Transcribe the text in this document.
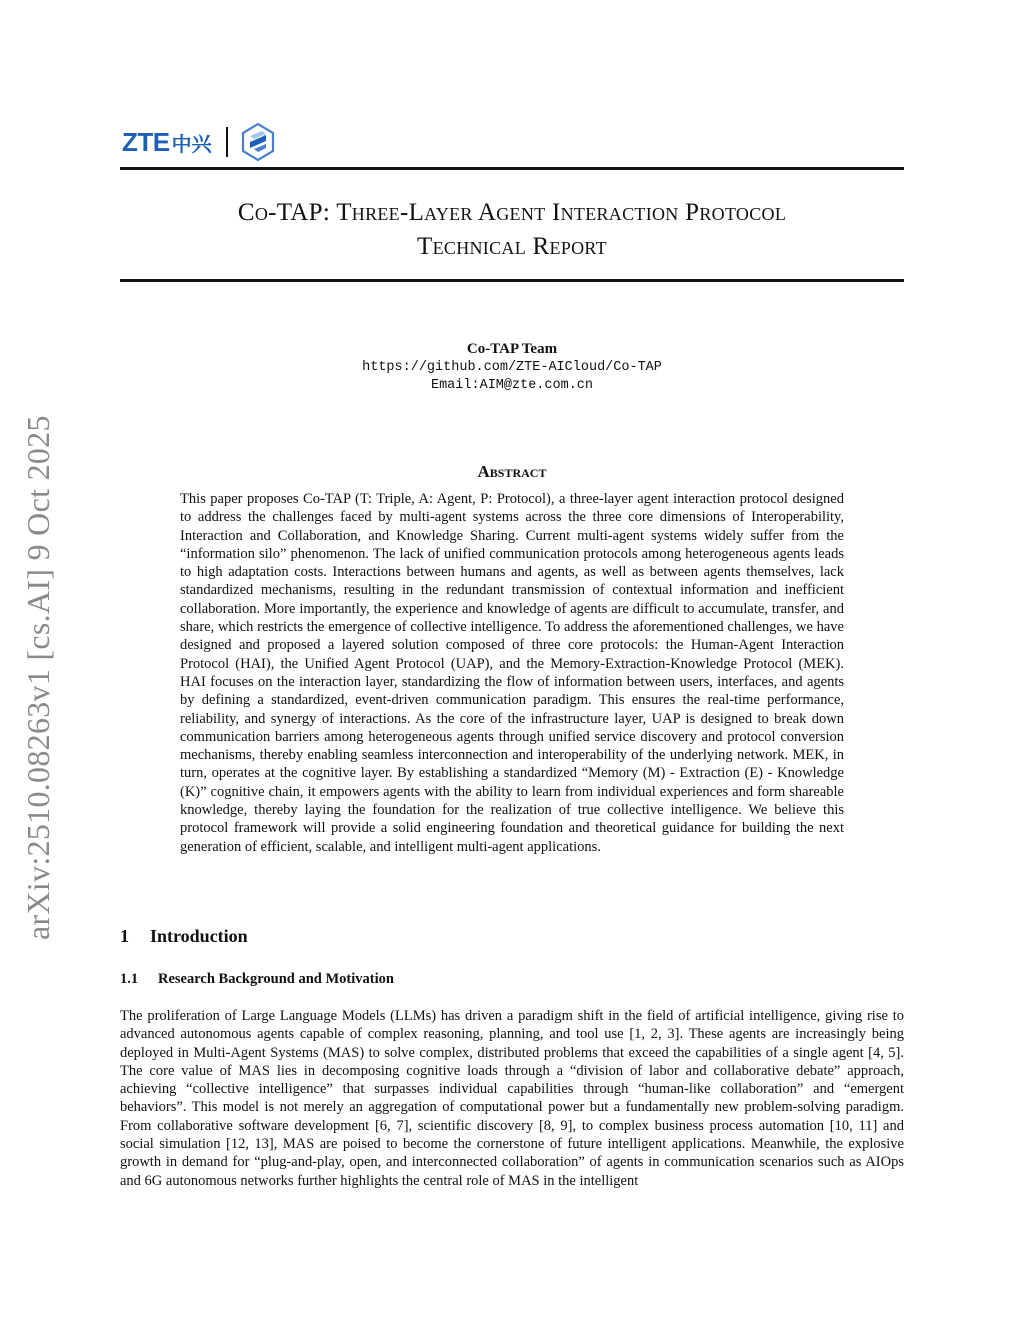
ZTE 中兴
Co-TAP: Three-Layer Agent Interaction Protocol
Technical Report
Co-TAP Team
https://github.com/ZTE-AICloud/Co-TAP
Email:AIM@zte.com.cn
arXiv:2510.08263v1 [cs.AI] 9 Oct 2025	Abstract

This paper proposes Co-TAP (T: Triple, A: Agent, P: Protocol), a three-layer agent interaction protocol designed to address the challenges faced by multi-agent systems across the three core dimensions of Interoperability, Interaction and Collaboration, and Knowledge Sharing. Current multi-agent systems widely suffer from the “information silo” phenomenon. The lack of unified communication protocols among heterogeneous agents leads to high adaptation costs. Interactions between humans and agents, as well as between agents themselves, lack standardized mechanisms, resulting in the redundant transmission of contextual information and inefficient collaboration. More importantly, the experience and knowledge of agents are difficult to accumulate, transfer, and share, which restricts the emergence of collective intelligence. To address the aforementioned challenges, we have designed and proposed a layered solution composed of three core protocols: the Human-Agent Interaction Protocol (HAI), the Unified Agent Protocol (UAP), and the Memory-Extraction-Knowledge Protocol (MEK). HAI focuses on the interaction layer, standardizing the flow of information between users, interfaces, and agents by defining a standardized, event-driven communication paradigm. This ensures the real-time performance, reliability, and synergy of interactions. As the core of the infrastructure layer, UAP is designed to break down communication barriers among heterogeneous agents through unified service discovery and protocol conversion mechanisms, thereby enabling seamless interconnection and interoperability of the underlying network. MEK, in turn, operates at the cognitive layer. By establishing a standardized “Memory (M) - Extraction (E) - Knowledge (K)” cognitive chain, it empowers agents with the ability to learn from individual experiences and form shareable knowledge, thereby laying the foundation for the realization of true collective intelligence. We believe this protocol framework will provide a solid engineering foundation and theoretical guidance for building the next generation of efficient, scalable, and intelligent multi-agent applications.

1 Introduction
1.1 Research Background and Motivation

The proliferation of Large Language Models (LLMs) has driven a paradigm shift in the field of artificial intelligence, giving rise to advanced autonomous agents capable of complex reasoning, planning, and tool use [1, 2, 3]. These agents are increasingly being deployed in Multi-Agent Systems (MAS) to solve complex, distributed problems that exceed the capabilities of a single agent [4, 5]. The core value of MAS lies in decomposing cognitive loads through a “division of labor and collaborative debate” approach, achieving “collective intelligence” that surpasses individual capabilities through “human-like collaboration” and “emergent behaviors”. This model is not merely an aggregation of computational power but a fundamentally new problem-solving paradigm. From collaborative software development [6, 7], scientific discovery [8, 9], to complex business process automation [10, 11] and social simulation [12, 13], MAS are poised to become the cornerstone of future intelligent applications. Meanwhile, the explosive growth in demand for “plug-and-play, open, and interconnected collaboration” of agents in communication scenarios such as AIOps and 6G autonomous networks further highlights the central role of MAS in the intelligent
